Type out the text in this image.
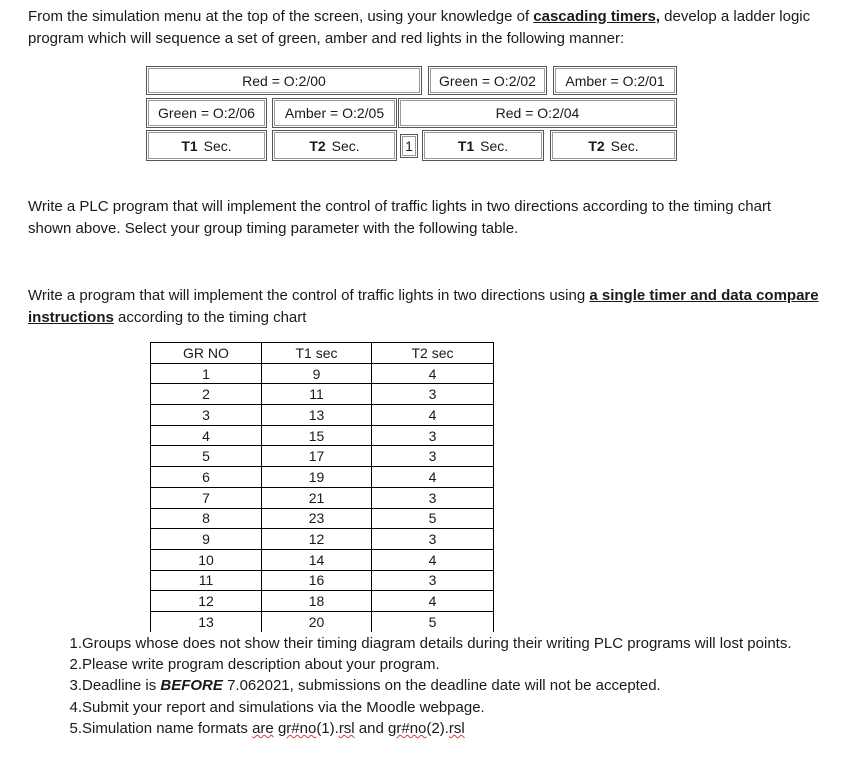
From the simulation menu at the top of the screen, using your knowledge of cascading timers, develop a ladder logic
program which will sequence a set of green, amber and red lights in the following manner:
Red = O:2/00	Green = O:2/02	Amber = O:2/01
Green = O:2/06	Amber = O:2/05	Red = O:2/04
T1 Sec.	T2 Sec.	1	T1 Sec.	T2 Sec.
Write a PLC program that will implement the control of traffic lights in two directions according to the timing chart
shown above. Select your group timing parameter with the following table.
Write a program that will implement the control of traffic lights in two directions using a single timer and data compare
instructions according to the timing chart
GR NO	T1 sec	T2 sec
1	9	4
2	11	3
3	13	4
4	15	3
5	17	3
6	19	4
7	21	3
8	23	5
9	12	3
10	14	4
11	16	3
12	18	4
13	20	5
1.Groups whose does not show their timing diagram details during their writing PLC programs will lost points.
2.Please write program description about your program.
3.Deadline is BEFORE 7.062021, submissions on the deadline date will not be accepted.
4.Submit your report and simulations via the Moodle webpage.
5.Simulation name formats are gr#no(1).rsl and gr#no(2).rsl
